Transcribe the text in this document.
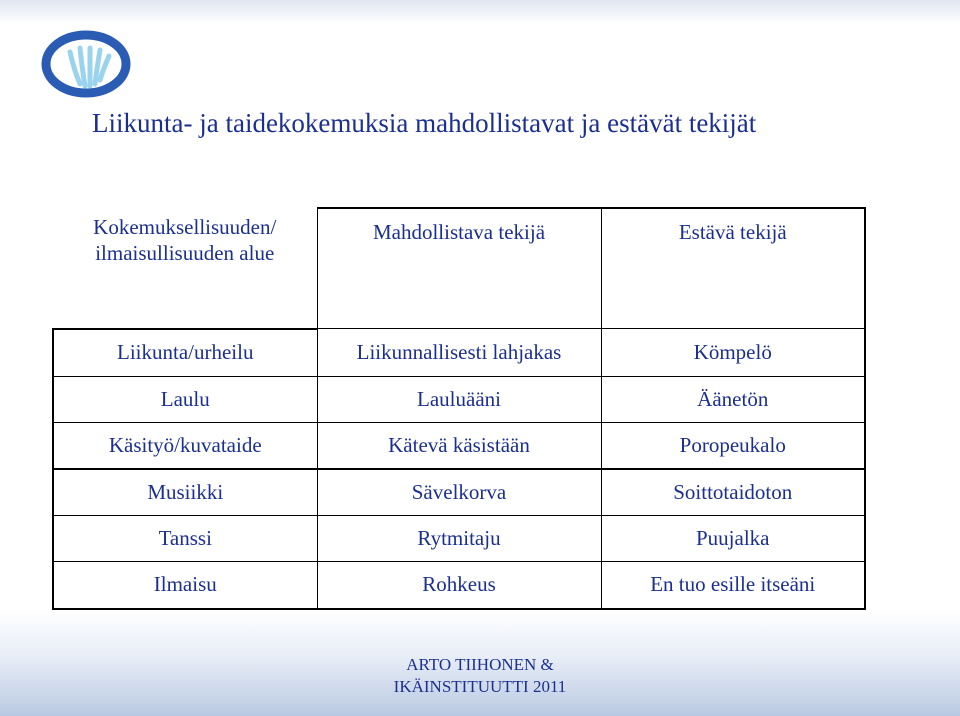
Liikunta- ja taidekokemuksia mahdollistavat ja estävät tekijät
Kokemuksellisuuden/
ilmaisullisuuden alue	Mahdollistava tekijä	Estävä tekijä
Liikunta/urheilu	Liikunnallisesti lahjakas	Kömpelö
Laulu	Lauluääni	Äänetön
Käsityö/kuvataide	Kätevä käsistään	Poropeukalo
Musiikki	Sävelkorva	Soittotaidoton
Tanssi	Rytmitaju	Puujalka
Ilmaisu	Rohkeus	En tuo esille itseäni
ARTO TIIHONEN &
IKÄINSTITUUTTI 2011
